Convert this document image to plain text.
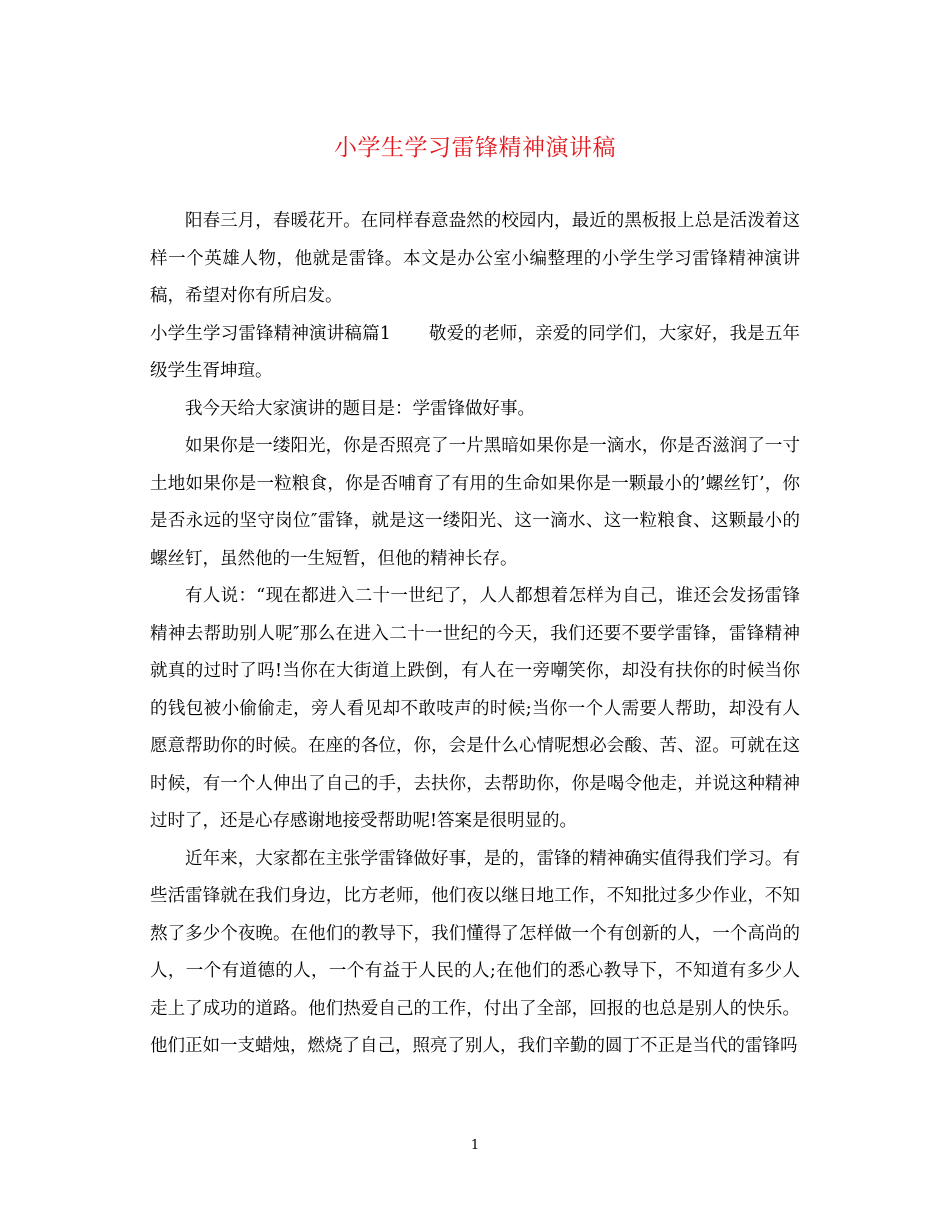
小学生学习雷锋精神演讲稿

阳春三月，春暖花开。在同样春意盎然的校园内，最近的黑板报上总是活泼着这样一个英雄人物，他就是雷锋。本文是办公室小编整理的小学生学习雷锋精神演讲稿，希望对你有所启发。

小学生学习雷锋精神演讲稿篇1 敬爱的老师，亲爱的同学们，大家好，我是五年级学生胥坤瑄。

我今天给大家演讲的题目是：学雷锋做好事。

如果你是一缕阳光，你是否照亮了一片黑暗如果你是一滴水，你是否滋润了一寸土地如果你是一粒粮食，你是否哺育了有用的生命如果你是一颗最小的’螺丝钉’，你是否永远的坚守岗位″雷锋，就是这一缕阳光、这一滴水、这一粒粮食、这颗最小的螺丝钉，虽然他的一生短暂，但他的精神长存。

有人说：“现在都进入二十一世纪了，人人都想着怎样为自己，谁还会发扬雷锋精神去帮助别人呢″那么在进入二十一世纪的今天，我们还要不要学雷锋，雷锋精神就真的过时了吗!当你在大街道上跌倒，有人在一旁嘲笑你，却没有扶你的时候当你的钱包被小偷偷走，旁人看见却不敢吱声的时候;当你一个人需要人帮助，却没有人愿意帮助你的时候。在座的各位，你，会是什么心情呢想必会酸、苦、涩。可就在这时候，有一个人伸出了自己的手，去扶你，去帮助你，你是喝令他走，并说这种精神过时了，还是心存感谢地接受帮助呢!答案是很明显的。

近年来，大家都在主张学雷锋做好事，是的，雷锋的精神确实值得我们学习。有些活雷锋就在我们身边，比方老师，他们夜以继日地工作，不知批过多少作业，不知熬了多少个夜晚。在他们的教导下，我们懂得了怎样做一个有创新的人，一个高尚的人，一个有道德的人，一个有益于人民的人;在他们的悉心教导下，不知道有多少人走上了成功的道路。他们热爱自己的工作，付出了全部，回报的也总是别人的快乐。他们正如一支蜡烛，燃烧了自己，照亮了别人，我们辛勤的圆丁不正是当代的雷锋吗

1
